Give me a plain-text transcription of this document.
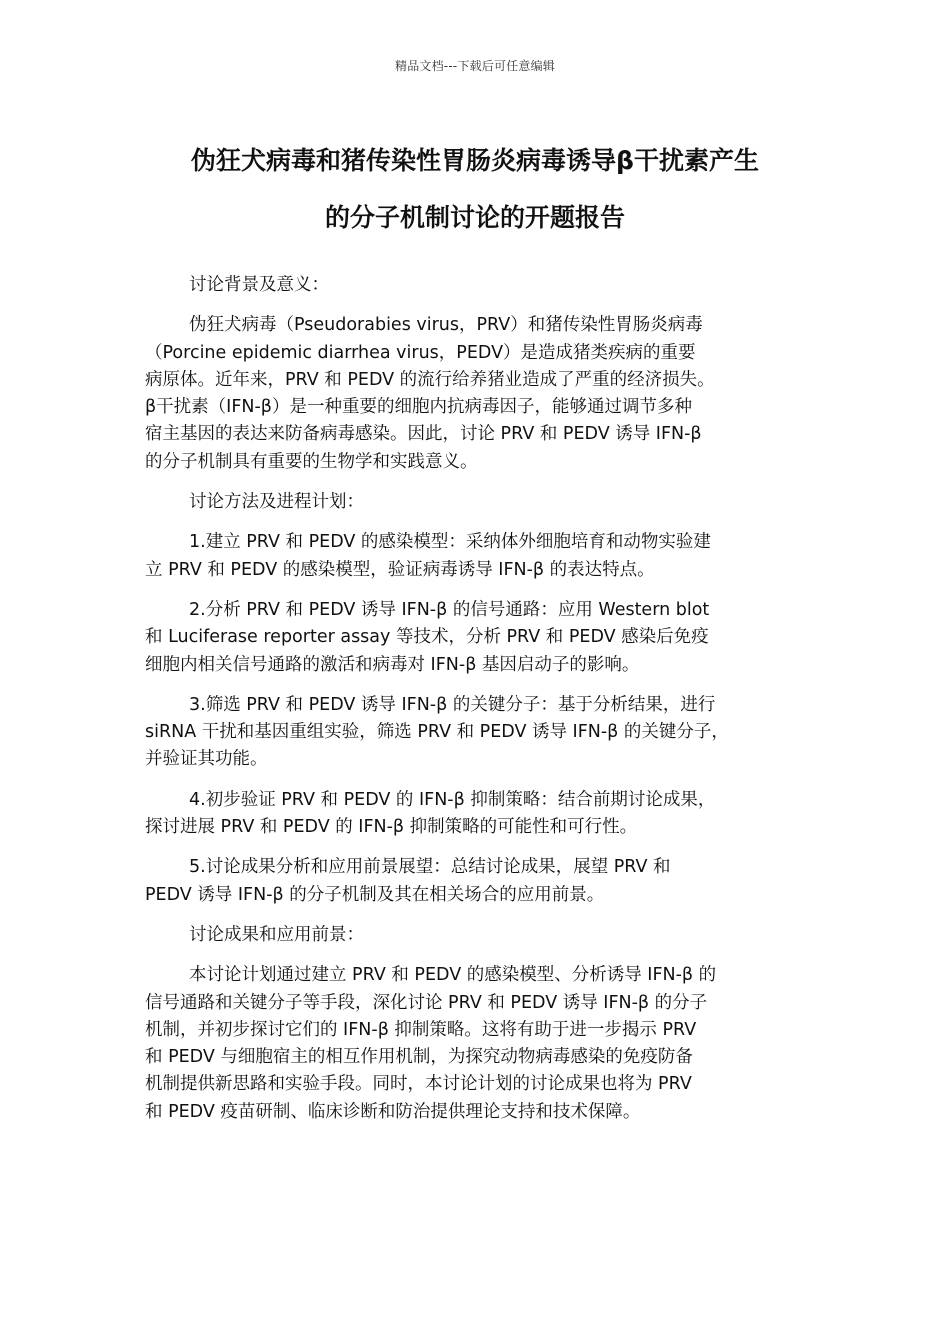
精品文档---下载后可任意编辑
伪狂犬病毒和猪传染性胃肠炎病毒诱导β干扰素产生
的分子机制讨论的开题报告

讨论背景及意义：

伪狂犬病毒（Pseudorabies virus，PRV）和猪传染性胃肠炎病毒
（Porcine epidemic diarrhea virus，PEDV）是造成猪类疾病的重要
病原体。近年来，PRV 和 PEDV 的流行给养猪业造成了严重的经济损失。
β干扰素（IFN-β）是一种重要的细胞内抗病毒因子，能够通过调节多种
宿主基因的表达来防备病毒感染。因此，讨论 PRV 和 PEDV 诱导 IFN-β
的分子机制具有重要的生物学和实践意义。

讨论方法及进程计划：

1.建立 PRV 和 PEDV 的感染模型：采纳体外细胞培育和动物实验建
立 PRV 和 PEDV 的感染模型，验证病毒诱导 IFN-β 的表达特点。

2.分析 PRV 和 PEDV 诱导 IFN-β 的信号通路：应用 Western blot
和 Luciferase reporter assay 等技术，分析 PRV 和 PEDV 感染后免疫
细胞内相关信号通路的激活和病毒对 IFN-β 基因启动子的影响。

3.筛选 PRV 和 PEDV 诱导 IFN-β 的关键分子：基于分析结果，进行
siRNA 干扰和基因重组实验，筛选 PRV 和 PEDV 诱导 IFN-β 的关键分子，
并验证其功能。

4.初步验证 PRV 和 PEDV 的 IFN-β 抑制策略：结合前期讨论成果，
探讨进展 PRV 和 PEDV 的 IFN-β 抑制策略的可能性和可行性。

5.讨论成果分析和应用前景展望：总结讨论成果，展望 PRV 和
PEDV 诱导 IFN-β 的分子机制及其在相关场合的应用前景。

讨论成果和应用前景：

本讨论计划通过建立 PRV 和 PEDV 的感染模型、分析诱导 IFN-β 的
信号通路和关键分子等手段，深化讨论 PRV 和 PEDV 诱导 IFN-β 的分子
机制，并初步探讨它们的 IFN-β 抑制策略。这将有助于进一步揭示 PRV
和 PEDV 与细胞宿主的相互作用机制，为探究动物病毒感染的免疫防备
机制提供新思路和实验手段。同时，本讨论计划的讨论成果也将为 PRV
和 PEDV 疫苗研制、临床诊断和防治提供理论支持和技术保障。
